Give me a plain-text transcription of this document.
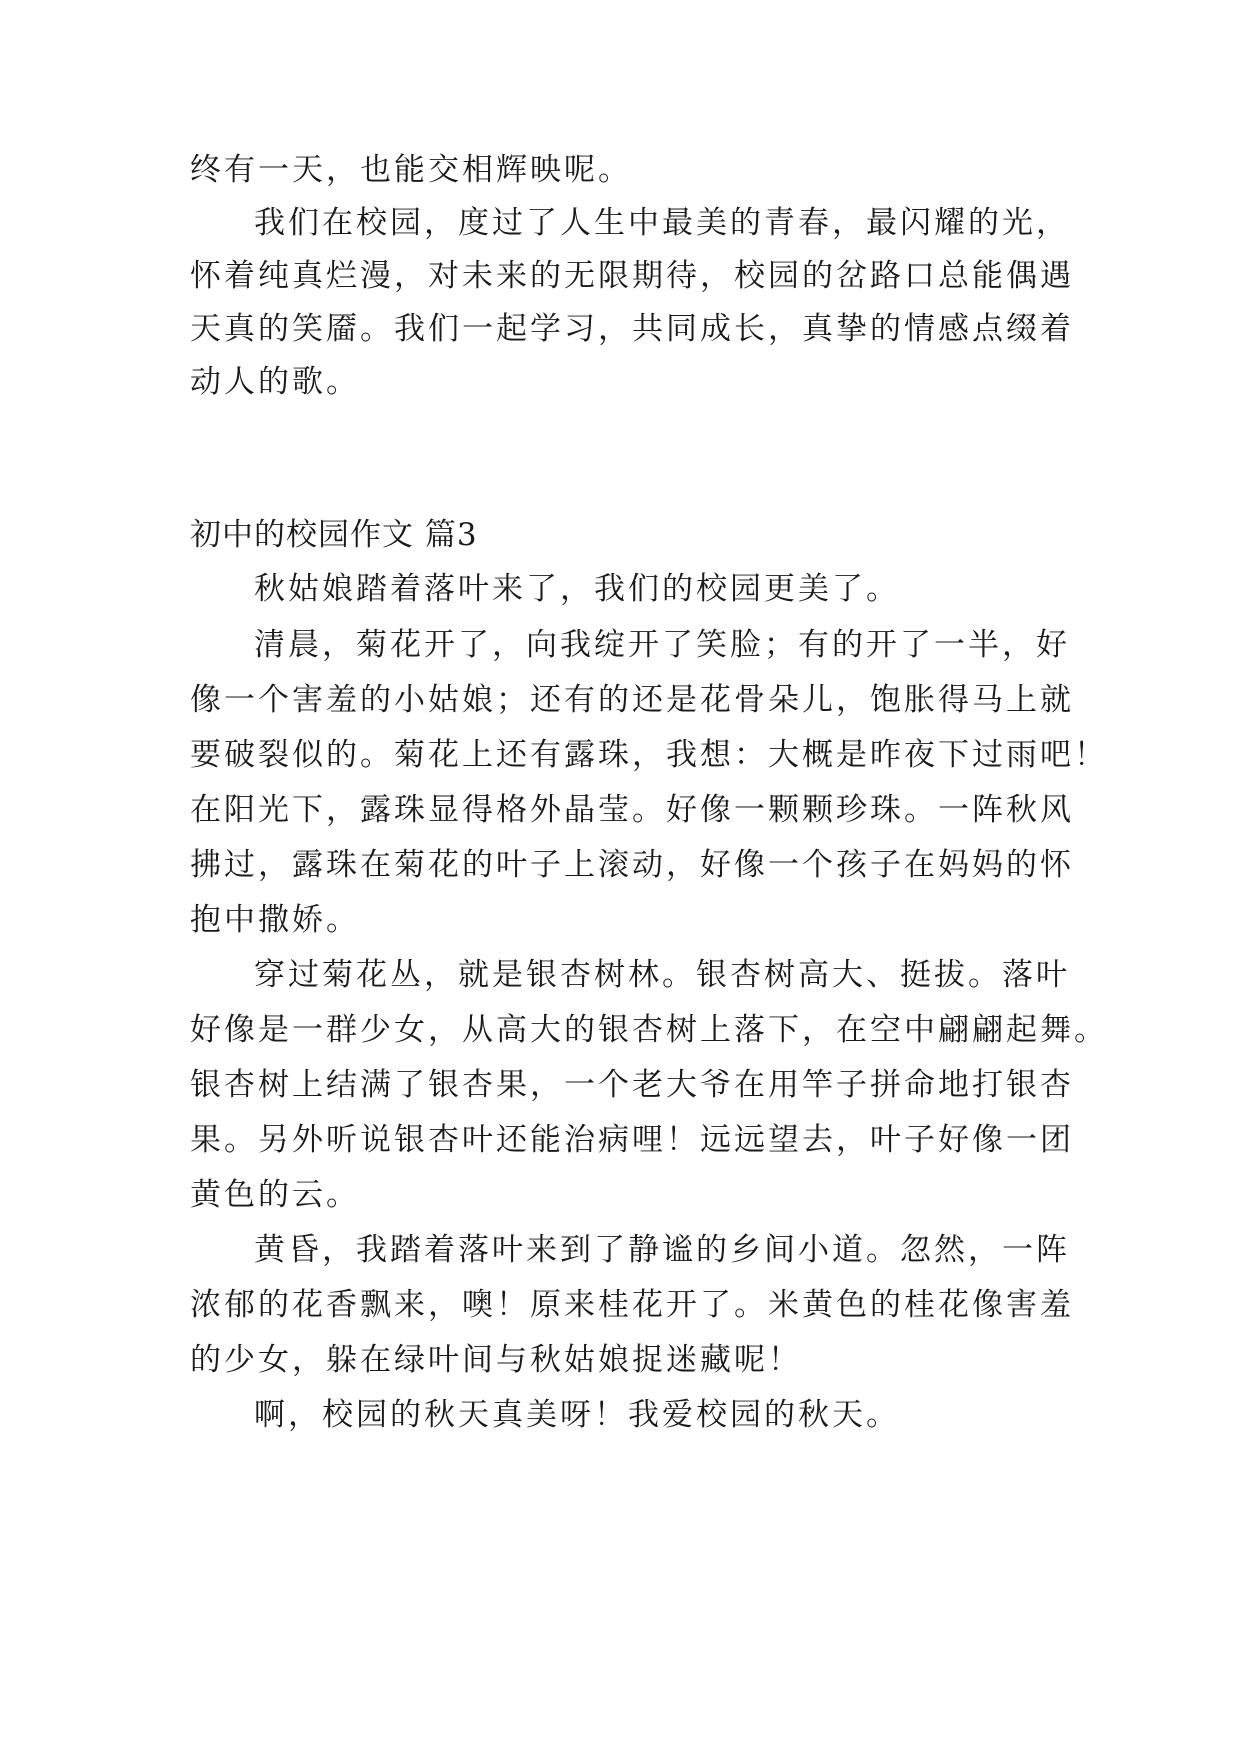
终有一天，也能交相辉映呢。
我们在校园，度过了人生中最美的青春，最闪耀的光，
怀着纯真烂漫，对未来的无限期待，校园的岔路口总能偶遇
天真的笑靥。我们一起学习，共同成长，真挚的情感点缀着
动人的歌。
初中的校园作文 篇3
秋姑娘踏着落叶来了，我们的校园更美了。
清晨，菊花开了，向我绽开了笑脸；有的开了一半，好
像一个害羞的小姑娘；还有的还是花骨朵儿，饱胀得马上就
要破裂似的。菊花上还有露珠，我想：大概是昨夜下过雨吧！
在阳光下，露珠显得格外晶莹。好像一颗颗珍珠。一阵秋风
拂过，露珠在菊花的叶子上滚动，好像一个孩子在妈妈的怀
抱中撒娇。
穿过菊花丛，就是银杏树林。银杏树高大、挺拔。落叶
好像是一群少女，从高大的银杏树上落下，在空中翩翩起舞。
银杏树上结满了银杏果，一个老大爷在用竿子拼命地打银杏
果。另外听说银杏叶还能治病哩！远远望去，叶子好像一团
黄色的云。
黄昏，我踏着落叶来到了静谧的乡间小道。忽然，一阵
浓郁的花香飘来，噢！原来桂花开了。米黄色的桂花像害羞
的少女，躲在绿叶间与秋姑娘捉迷藏呢！
啊，校园的秋天真美呀！我爱校园的秋天。
